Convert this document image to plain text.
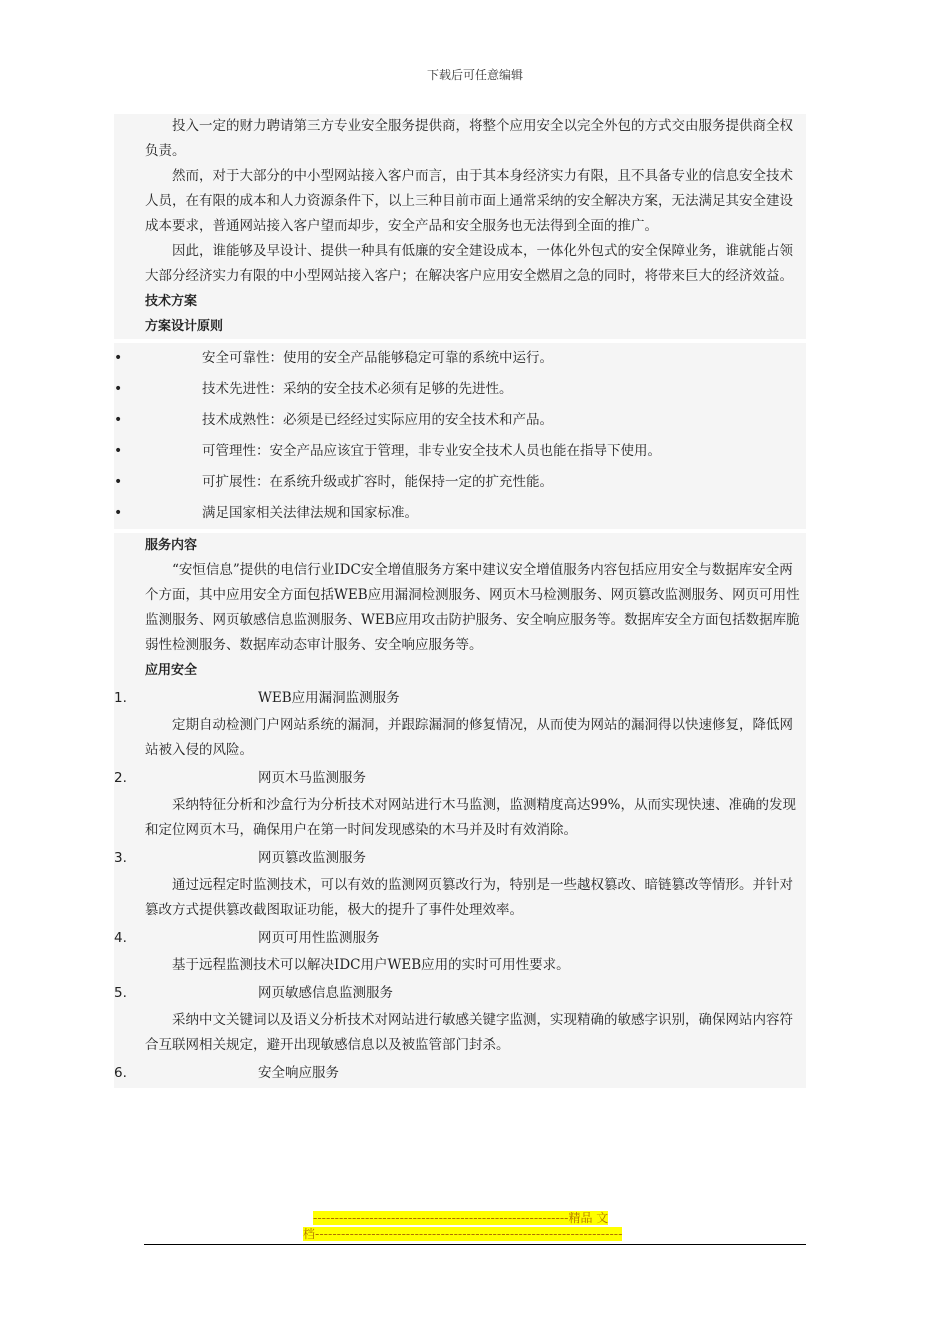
下载后可任意编辑

投入一定的财力聘请第三方专业安全服务提供商，将整个应用安全以完全外包的方式交由服务提供商全权负责。

然而，对于大部分的中小型网站接入客户而言，由于其本身经济实力有限，且不具备专业的信息安全技术人员，在有限的成本和人力资源条件下，以上三种目前市面上通常采纳的安全解决方案，无法满足其安全建设成本要求，普通网站接入客户望而却步，安全产品和安全服务也无法得到全面的推广。

因此，谁能够及早设计、提供一种具有低廉的安全建设成本，一体化外包式的安全保障业务，谁就能占领大部分经济实力有限的中小型网站接入客户；在解决客户应用安全燃眉之急的同时，将带来巨大的经济效益。

技术方案

方案设计原则

•	安全可靠性：使用的安全产品能够稳定可靠的系统中运行。
•	技术先进性：采纳的安全技术必须有足够的先进性。
•	技术成熟性：必须是已经经过实际应用的安全技术和产品。
•	可管理性：安全产品应该宜于管理，非专业安全技术人员也能在指导下使用。
•	可扩展性：在系统升级或扩容时，能保持一定的扩充性能。
•	满足国家相关法律法规和国家标准。

服务内容

“安恒信息”提供的电信行业IDC安全增值服务方案中建议安全增值服务内容包括应用安全与数据库安全两个方面，其中应用安全方面包括WEB应用漏洞检测服务、网页木马检测服务、网页篡改监测服务、网页可用性监测服务、网页敏感信息监测服务、WEB应用攻击防护服务、安全响应服务等。数据库安全方面包括数据库脆弱性检测服务、数据库动态审计服务、安全响应服务等。

应用安全

1.	WEB应用漏洞监测服务

定期自动检测门户网站系统的漏洞，并跟踪漏洞的修复情况，从而使为网站的漏洞得以快速修复，降低网站被入侵的风险。

2.	网页木马监测服务

采纳特征分析和沙盒行为分析技术对网站进行木马监测，监测精度高达99%，从而实现快速、准确的发现和定位网页木马，确保用户在第一时间发现感染的木马并及时有效消除。

3.	网页篡改监测服务

通过远程定时监测技术，可以有效的监测网页篡改行为，特别是一些越权篡改、暗链篡改等情形。并针对篡改方式提供篡改截图取证功能，极大的提升了事件处理效率。

4.	网页可用性监测服务

基于远程监测技术可以解决IDC用户WEB应用的实时可用性要求。

5.	网页敏感信息监测服务

采纳中文关键词以及语义分析技术对网站进行敏感关键字监测，实现精确的敏感字识别，确保网站内容符合互联网相关规定，避开出现敏感信息以及被监管部门封杀。

6.	安全响应服务
-----------------------------------------------------------精品 文
档-----------------------------------------------------------------------
